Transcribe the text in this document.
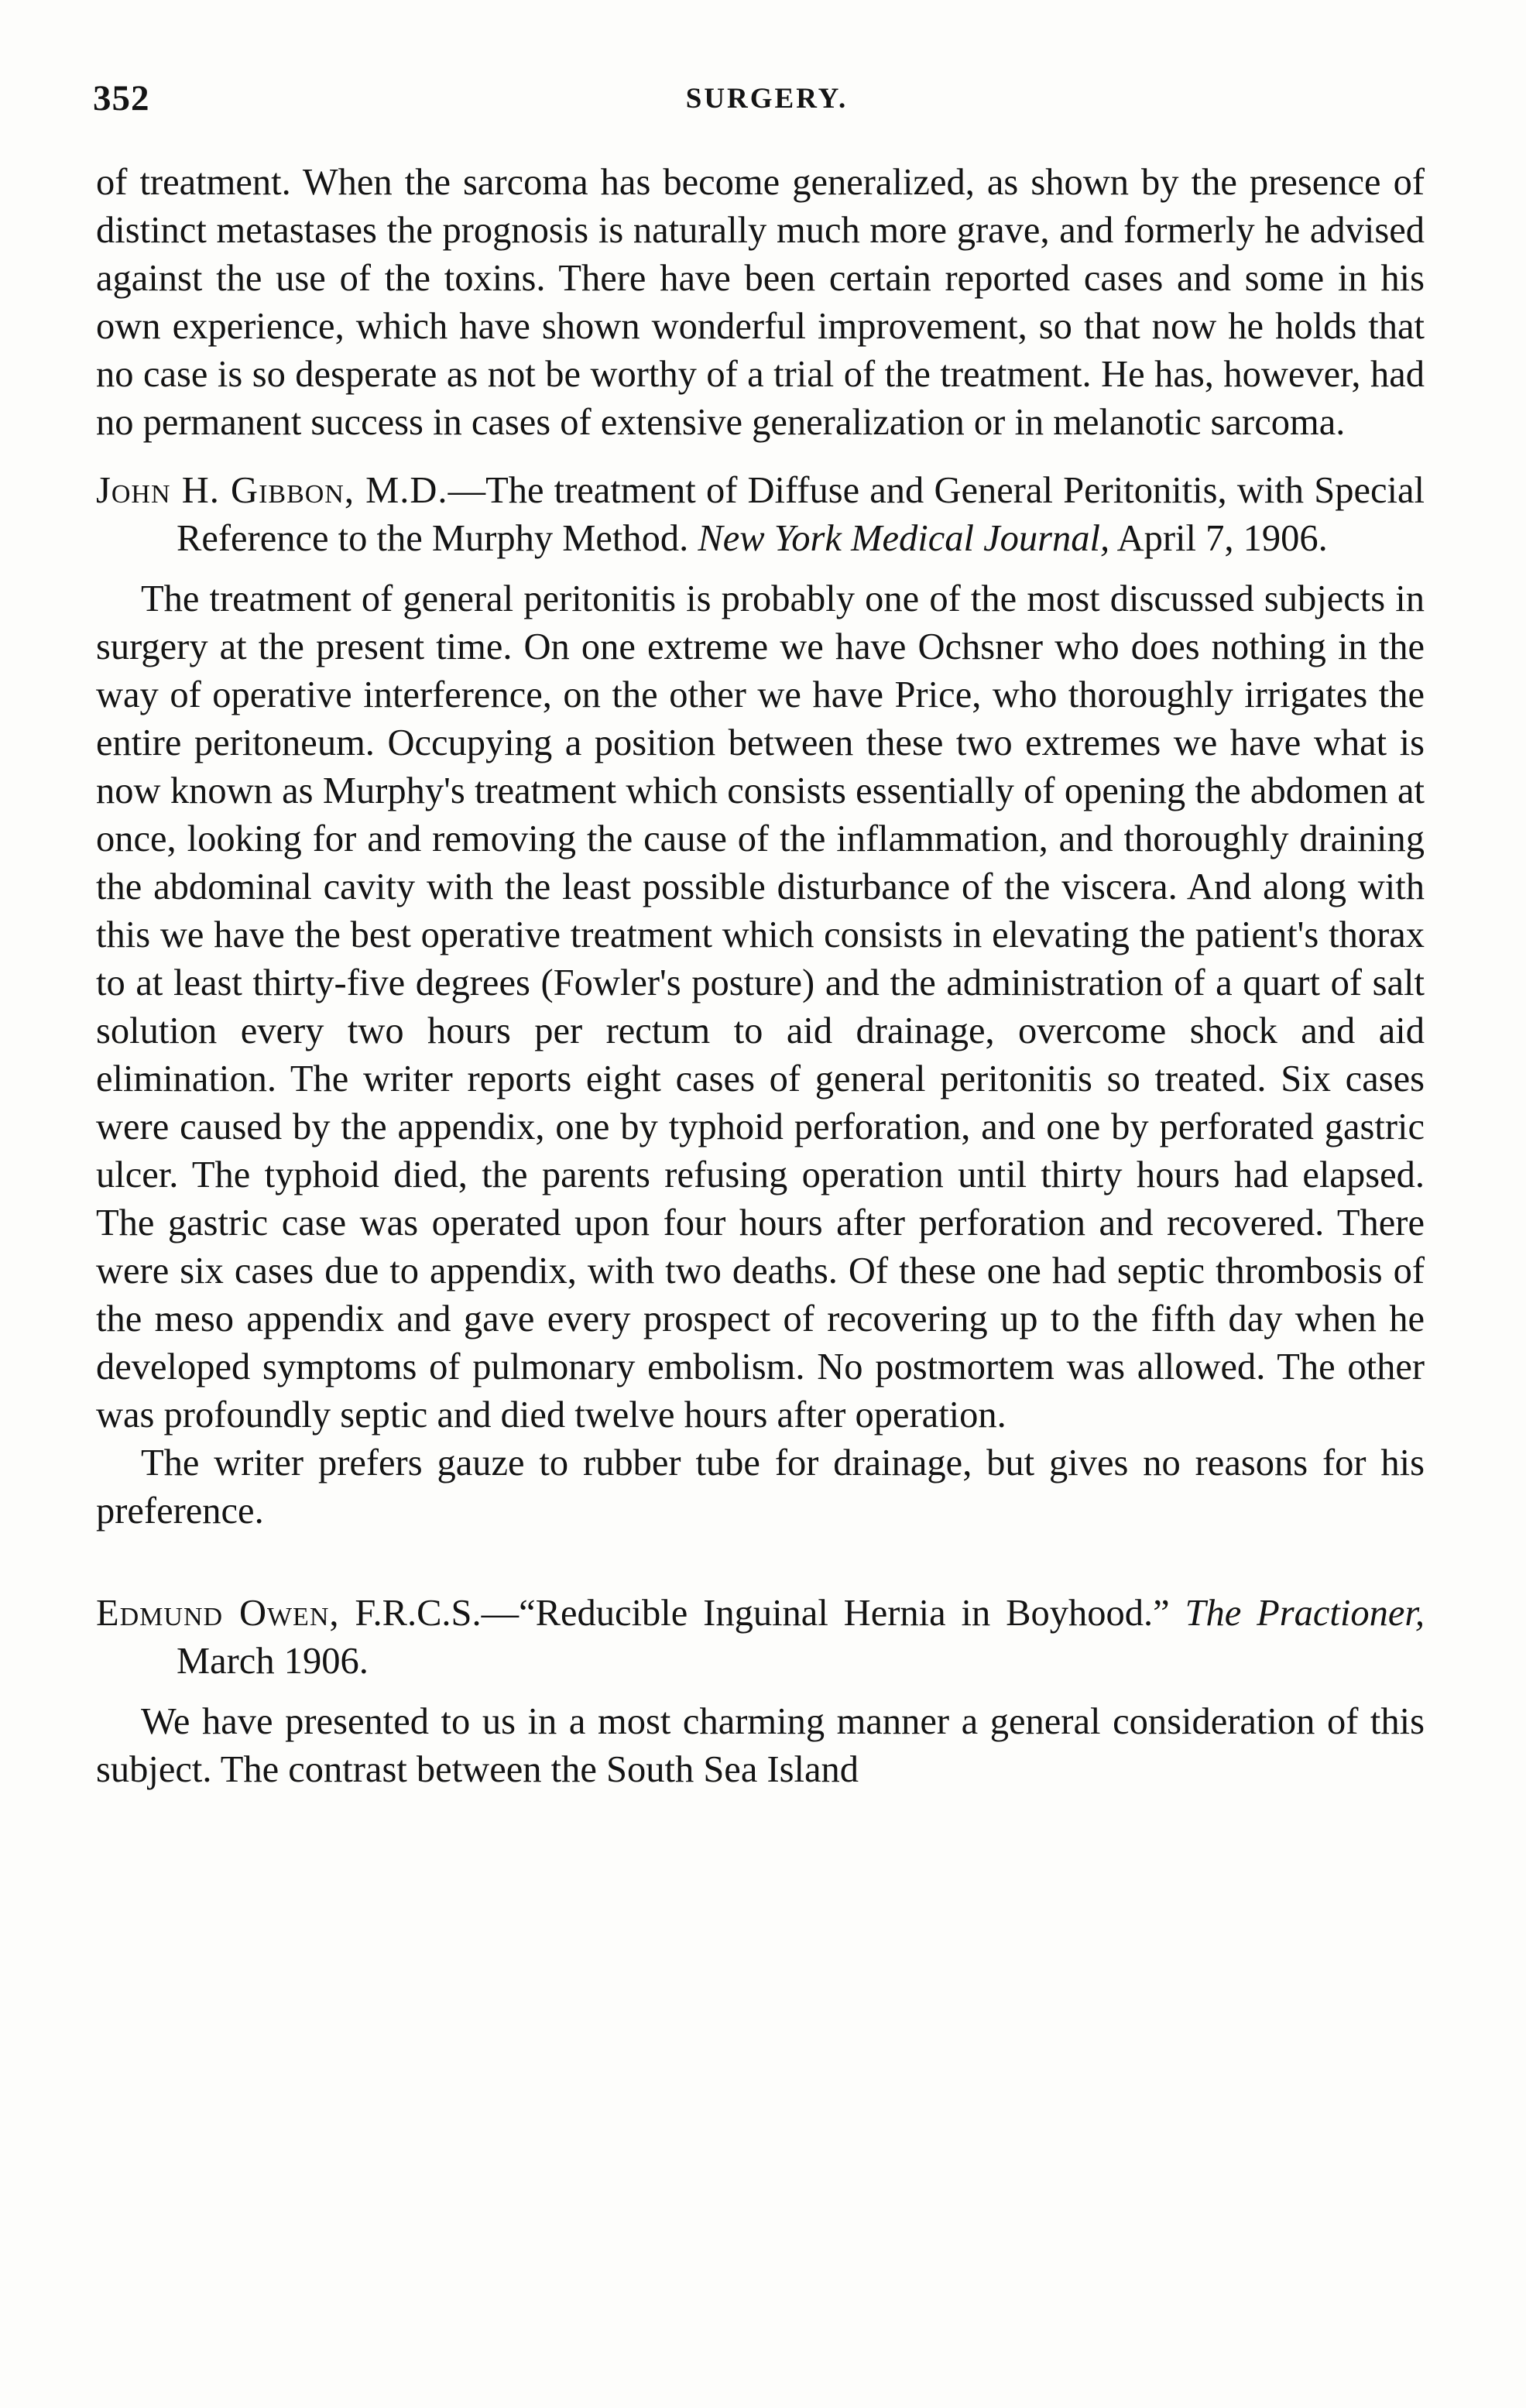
352	SURGERY.

of treatment. When the sarcoma has become generalized, as shown by the presence of distinct metastases the prognosis is naturally much more grave, and formerly he advised against the use of the toxins. There have been certain reported cases and some in his own experience, which have shown wonderful improvement, so that now he holds that no case is so desperate as not be worthy of a trial of the treatment. He has, however, had no permanent success in cases of extensive generalization or in melanotic sarcoma.

John H. Gibbon, M.D.—The treatment of Diffuse and General Peritonitis, with Special Reference to the Murphy Method. New York Medical Journal, April 7, 1906.

The treatment of general peritonitis is probably one of the most discussed subjects in surgery at the present time. On one extreme we have Ochsner who does nothing in the way of operative interference, on the other we have Price, who thoroughly irrigates the entire peritoneum. Occupying a position between these two extremes we have what is now known as Murphy's treatment which consists essentially of opening the abdomen at once, looking for and removing the cause of the inflammation, and thoroughly draining the abdominal cavity with the least possible disturbance of the viscera. And along with this we have the best operative treatment which consists in elevating the patient's thorax to at least thirty-five degrees (Fowler's posture) and the administration of a quart of salt solution every two hours per rectum to aid drainage, overcome shock and aid elimination. The writer reports eight cases of general peritonitis so treated. Six cases were caused by the appendix, one by typhoid perforation, and one by perforated gastric ulcer. The typhoid died, the parents refusing operation until thirty hours had elapsed. The gastric case was operated upon four hours after perforation and recovered. There were six cases due to appendix, with two deaths. Of these one had septic thrombosis of the meso appendix and gave every prospect of recovering up to the fifth day when he developed symptoms of pulmonary embolism. No postmortem was allowed. The other was profoundly septic and died twelve hours after operation.

The writer prefers gauze to rubber tube for drainage, but gives no reasons for his preference.

Edmund Owen, F.R.C.S.—“Reducible Inguinal Hernia in Boyhood.” The Practioner, March 1906.

We have presented to us in a most charming manner a general consideration of this subject. The contrast between the South Sea Island
